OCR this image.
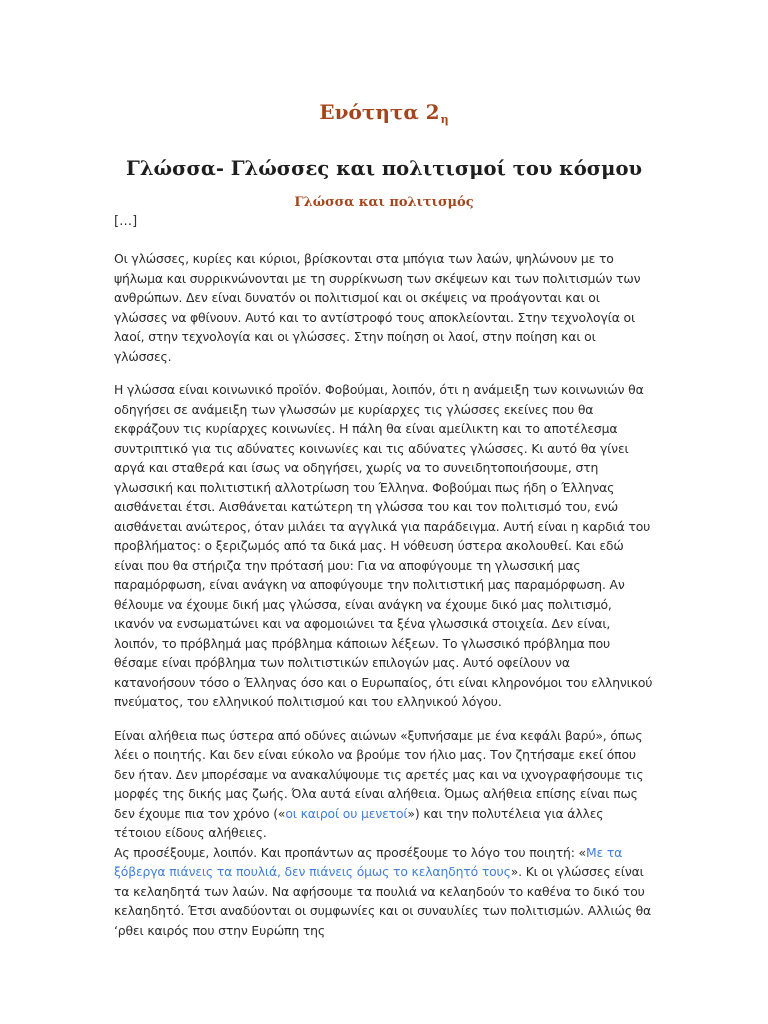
Ενότητα $2_\eta$
Γλώσσα- Γλώσσες και πολιτισμοί του κόσμου
Γλώσσα και πολιτισμός
[…]

Οι γλώσσες, κυρίες και κύριοι, βρίσκονται στα μπόγια των λαών, ψηλώνουν με το ψήλωμα και συρρικνώνονται με τη συρρίκνωση των σκέψεων και των πολιτισμών των ανθρώπων. Δεν είναι δυνατόν οι πολιτισμοί και οι σκέψεις να προάγονται και οι γλώσσες να φθίνουν. Αυτό και το αντίστροφό τους αποκλείονται. Στην τεχνολογία οι λαοί, στην τεχνολογία και οι γλώσσες. Στην ποίηση οι λαοί, στην ποίηση και οι γλώσσες.

Η γλώσσα είναι κοινωνικό προϊόν. Φοβούμαι, λοιπόν, ότι η ανάμειξη των κοινωνιών θα οδηγήσει σε ανάμειξη των γλωσσών με κυρίαρχες τις γλώσσες εκείνες που θα εκφράζουν τις κυρίαρχες κοινωνίες. Η πάλη θα είναι αμείλικτη και το αποτέλεσμα συντριπτικό για τις αδύνατες κοινωνίες και τις αδύνατες γλώσσες. Κι αυτό θα γίνει αργά και σταθερά και ίσως να οδηγήσει, χωρίς να το συνειδητοποιήσουμε, στη γλωσσική και πολιτιστική αλλοτρίωση του Έλληνα. Φοβούμαι πως ήδη ο Έλληνας αισθάνεται έτσι. Αισθάνεται κατώτερη τη γλώσσα του και τον πολιτισμό του, ενώ αισθάνεται ανώτερος, όταν μιλάει τα αγγλικά για παράδειγμα. Αυτή είναι η καρδιά του προβλήματος: ο ξεριζωμός από τα δικά μας. Η νόθευση ύστερα ακολουθεί. Και εδώ είναι που θα στήριζα την πρότασή μου: Για να αποφύγουμε τη γλωσσική μας παραμόρφωση, είναι ανάγκη να αποφύγουμε την πολιτιστική μας παραμόρφωση. Αν θέλουμε να έχουμε δική μας γλώσσα, είναι ανάγκη να έχουμε δικό μας πολιτισμό, ικανόν να ενσωματώνει και να αφομοιώνει τα ξένα γλωσσικά στοιχεία. Δεν είναι, λοιπόν, το πρόβλημά μας πρόβλημα κάποιων λέξεων. Το γλωσσικό πρόβλημα που θέσαμε είναι πρόβλημα των πολιτιστικών επιλογών μας. Αυτό οφείλουν να κατανοήσουν τόσο ο Έλληνας όσο και ο Ευρωπαίος, ότι είναι κληρονόμοι του ελληνικού πνεύματος, του ελληνικού πολιτισμού και του ελληνικού λόγου.

Είναι αλήθεια πως ύστερα από οδύνες αιώνων «ξυπνήσαμε με ένα κεφάλι βαρύ», όπως λέει ο ποιητής. Και δεν είναι εύκολο να βρούμε τον ήλιο μας. Τον ζητήσαμε εκεί όπου δεν ήταν. Δεν μπορέσαμε να ανακαλύψουμε τις αρετές μας και να ιχνογραφήσουμε τις μορφές της δικής μας ζωής. Όλα αυτά είναι αλήθεια. Όμως αλήθεια επίσης είναι πως δεν έχουμε πια τον χρόνο («οι καιροί ου μενετοί») και την πολυτέλεια για άλλες τέτοιου είδους αλήθειες.

Ας προσέξουμε, λοιπόν. Και προπάντων ας προσέξουμε το λόγο του ποιητή: «Με τα ξόβεργα πιάνεις τα πουλιά, δεν πιάνεις όμως το κελαηδητό τους». Κι οι γλώσσες είναι τα κελαηδητά των λαών. Να αφήσουμε τα πουλιά να κελαηδούν το καθένα το δικό του κελαηδητό. Έτσι αναδύονται οι συμφωνίες και οι συναυλίες των πολιτισμών. Αλλιώς θα ‘ρθει καιρός που στην Ευρώπη της
